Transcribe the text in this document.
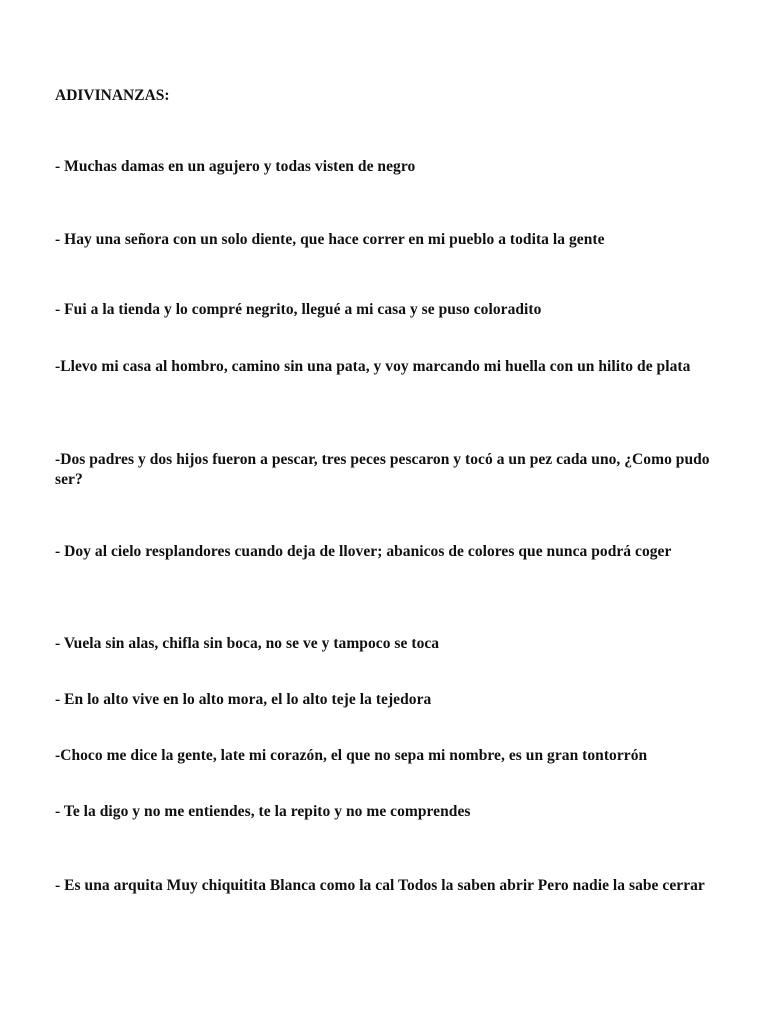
ADIVINANZAS:
- Muchas damas en un agujero y todas visten de negro
- Hay una señora con un solo diente, que hace correr en mi pueblo a todita la gente
- Fui a la tienda y lo compré negrito, llegué a mi casa y se puso coloradito
-Llevo mi casa al hombro, camino sin una pata, y voy marcando mi huella con un hilito de plata
-Dos padres y dos hijos fueron a pescar, tres peces pescaron y tocó a un pez cada uno, ¿Como pudo ser?
- Doy al cielo resplandores cuando deja de llover; abanicos de colores que nunca podrá coger
- Vuela sin alas, chifla sin boca, no se ve y tampoco se toca
- En lo alto vive en lo alto mora, el lo alto teje la tejedora
-Choco me dice la gente, late mi corazón, el que no sepa mi nombre, es un gran tontorrón
- Te la digo y no me entiendes, te la repito y no me comprendes
- Es una arquita Muy chiquitita Blanca como la cal Todos la saben abrir Pero nadie la sabe cerrar
